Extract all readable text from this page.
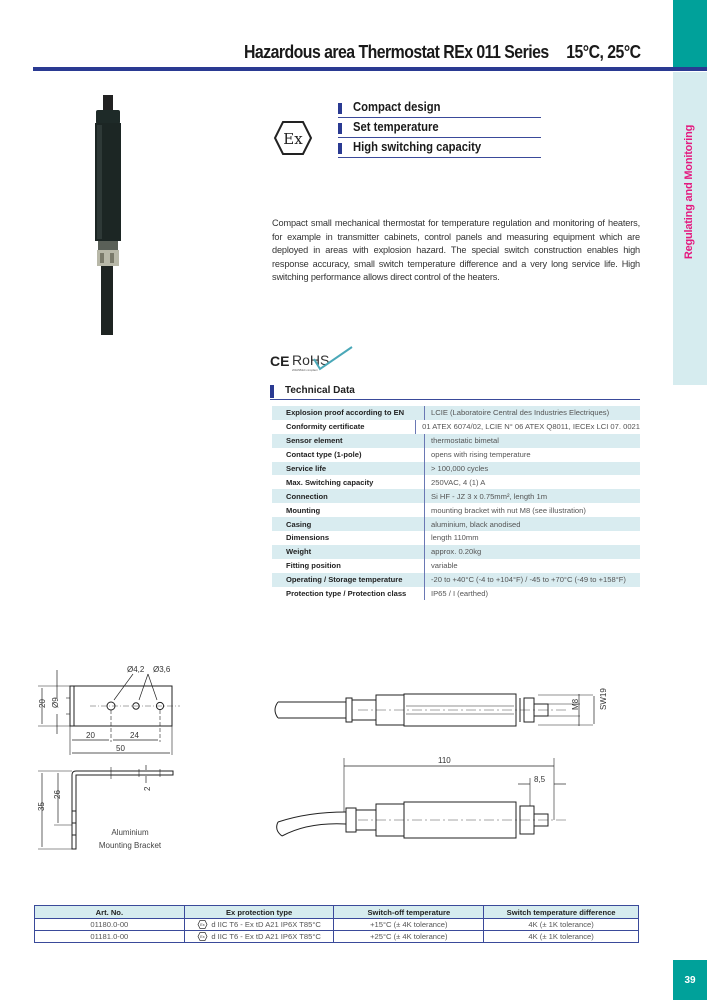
Regulating and Monitoring
39
Hazardous area Thermostat REx 011 Series 15°C, 25°C
Ex
Compact design
Set temperature
High switching capacity
Compact small mechanical thermostat for temperature regulation and monitoring of heaters, for example in transmitter cabinets, control panels and measuring equipment which are deployed in areas with explosion hazard. The special switch construction enables high response accuracy, small switch temperature difference and a very long service life. High switching performance allows direct control of the heaters.
CE RoHS
2002/95/EC compliant
Technical Data
Explosion proof according to EN	LCIE (Laboratoire Central des Industries Electriques)
Conformity certificate	01 ATEX 6074/02, LCIE N° 06 ATEX Q8011, IECEx LCI 07. 0021
Sensor element	thermostatic bimetal
Contact type (1-pole)	opens with rising temperature
Service life	> 100,000 cycles
Max. Switching capacity	250VAC, 4 (1) A
Connection	Si HF - JZ 3 x 0.75mm², length 1m
Mounting	mounting bracket with nut M8 (see illustration)
Casing	aluminium, black anodised
Dimensions	length 110mm
Weight	approx. 0.20kg
Fitting position	variable
Operating / Storage temperature	-20 to +40°C (-4 to +104°F) / -45 to +70°C (-49 to +158°F)
Protection type / Protection class	IP65 / I (earthed)
Ø4,2 Ø3,6
20 Ø9
20	24
50
35
26
2
Aluminium
Mounting Bracket
M8 SW19
110
8,5
Art. No.	Ex protection type	Switch-off temperature	Switch temperature difference
01180.0-00	Ex d IIC T6 - Ex tD A21 IP6X T85°C	+15°C (± 4K tolerance)	4K (± 1K tolerance)
01181.0-00	Ex d IIC T6 - Ex tD A21 IP6X T85°C	+25°C (± 4K tolerance)	4K (± 1K tolerance)
